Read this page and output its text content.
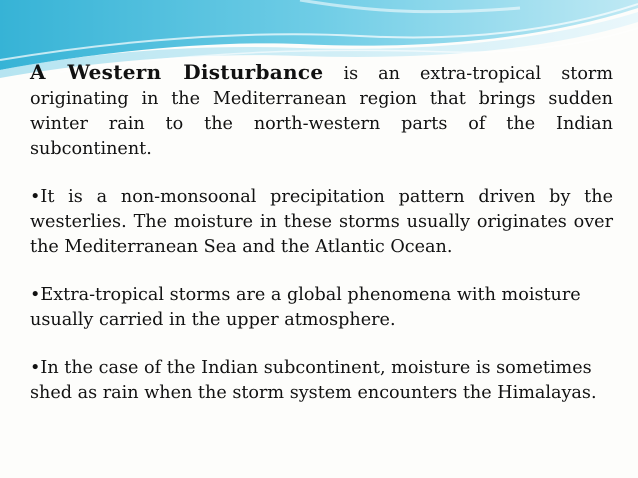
A Western Disturbance is an extra-tropical storm originating in the Mediterranean region that brings sudden winter rain to the north-western parts of the Indian subcontinent.

•It is a non-monsoonal precipitation pattern driven by the westerlies. The moisture in these storms usually originates over the Mediterranean Sea and the Atlantic Ocean.

•Extra-tropical storms are a global phenomena with moisture usually carried in the upper atmosphere.

•In the case of the Indian subcontinent, moisture is sometimes shed as rain when the storm system encounters the Himalayas.
